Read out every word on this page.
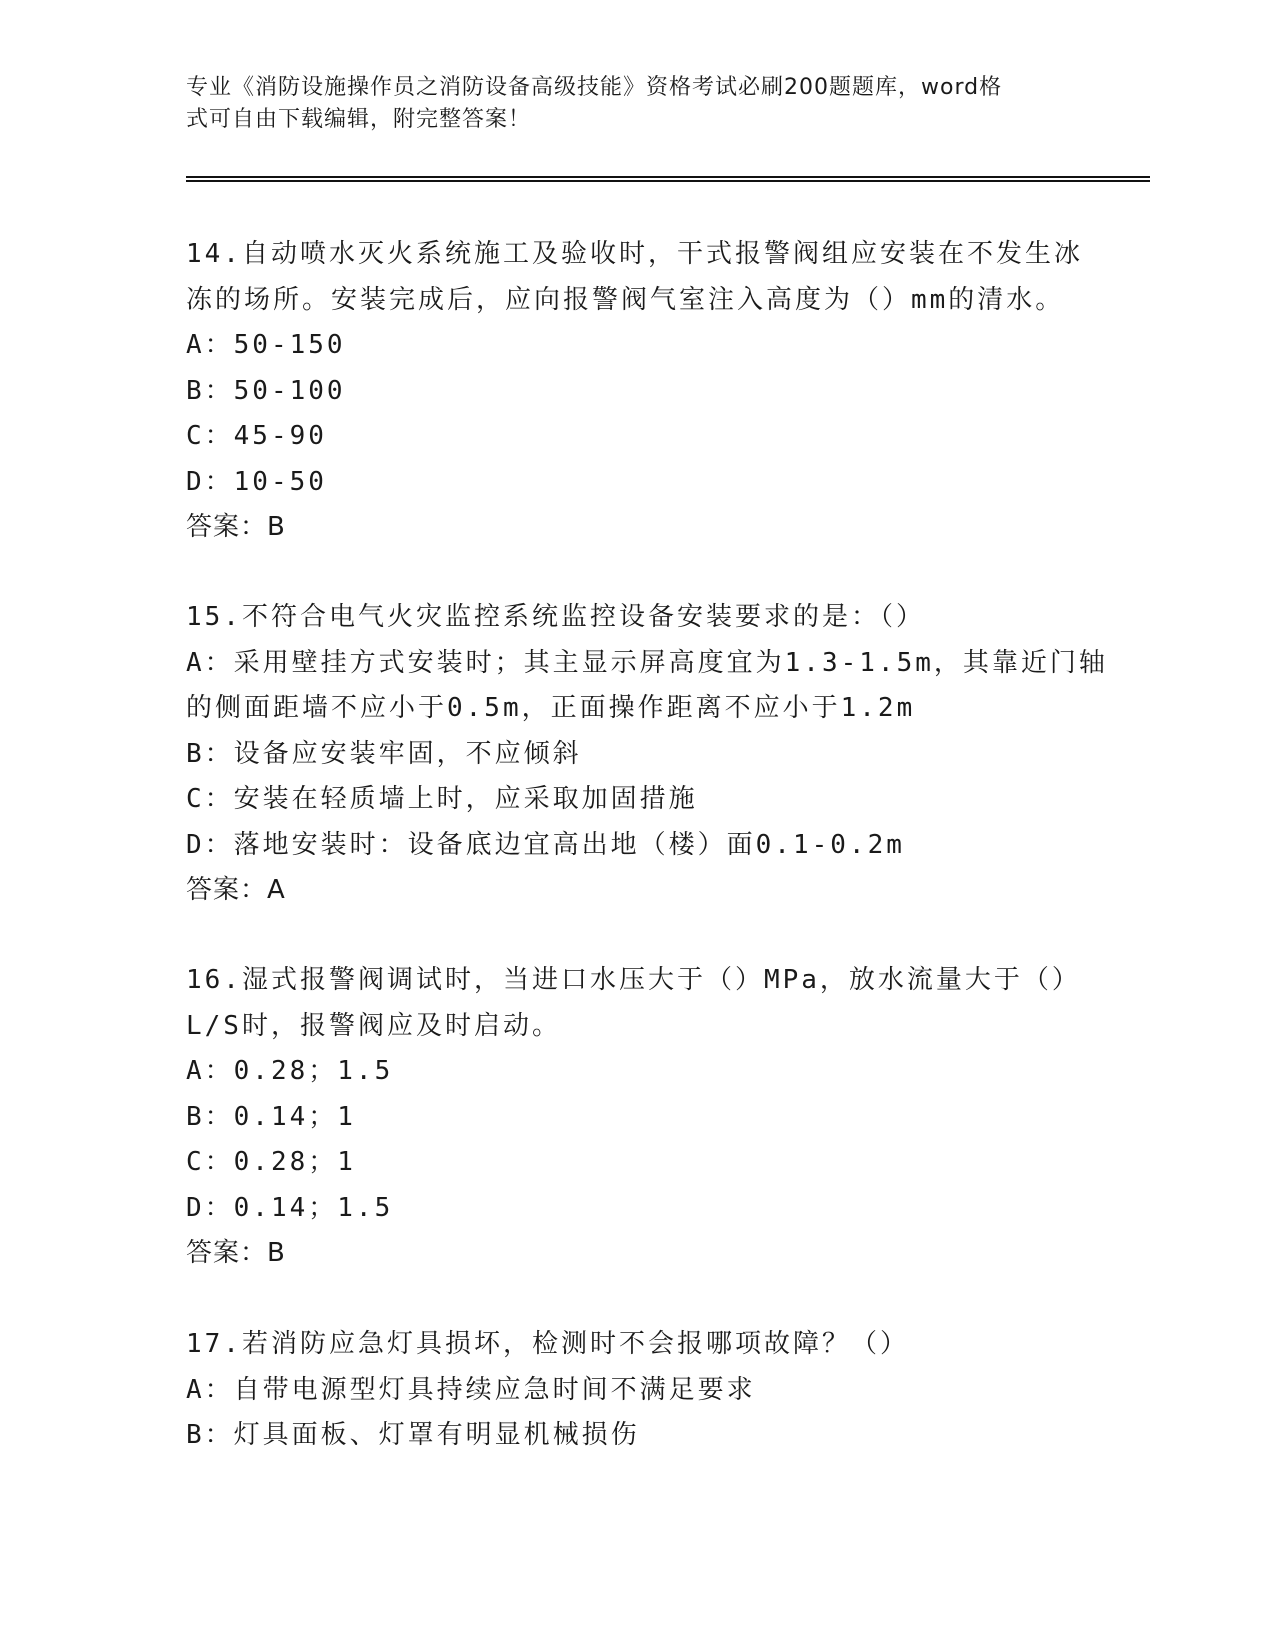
专业《消防设施操作员之消防设备高级技能》资格考试必刷200题题库，word格
式可自由下载编辑，附完整答案！
14.自动喷水灭火系统施工及验收时，干式报警阀组应安装在不发生冰
冻的场所。安装完成后，应向报警阀气室注入高度为（）mm的清水。
A：50-150
B：50-100
C：45-90
D：10-50
答案：B
15.不符合电气火灾监控系统监控设备安装要求的是：（）
A：采用壁挂方式安装时；其主显示屏高度宜为1.3-1.5m，其靠近门轴
的侧面距墙不应小于0.5m，正面操作距离不应小于1.2m
B：设备应安装牢固，不应倾斜
C：安装在轻质墙上时，应采取加固措施
D：落地安装时：设备底边宜高出地（楼）面0.1-0.2m
答案：A
16.湿式报警阀调试时，当进口水压大于（）MPa，放水流量大于（）
L/S时，报警阀应及时启动。
A：0.28；1.5
B：0.14；1
C：0.28；1
D：0.14；1.5
答案：B
17.若消防应急灯具损坏，检测时不会报哪项故障？（）
A：自带电源型灯具持续应急时间不满足要求
B：灯具面板、灯罩有明显机械损伤
